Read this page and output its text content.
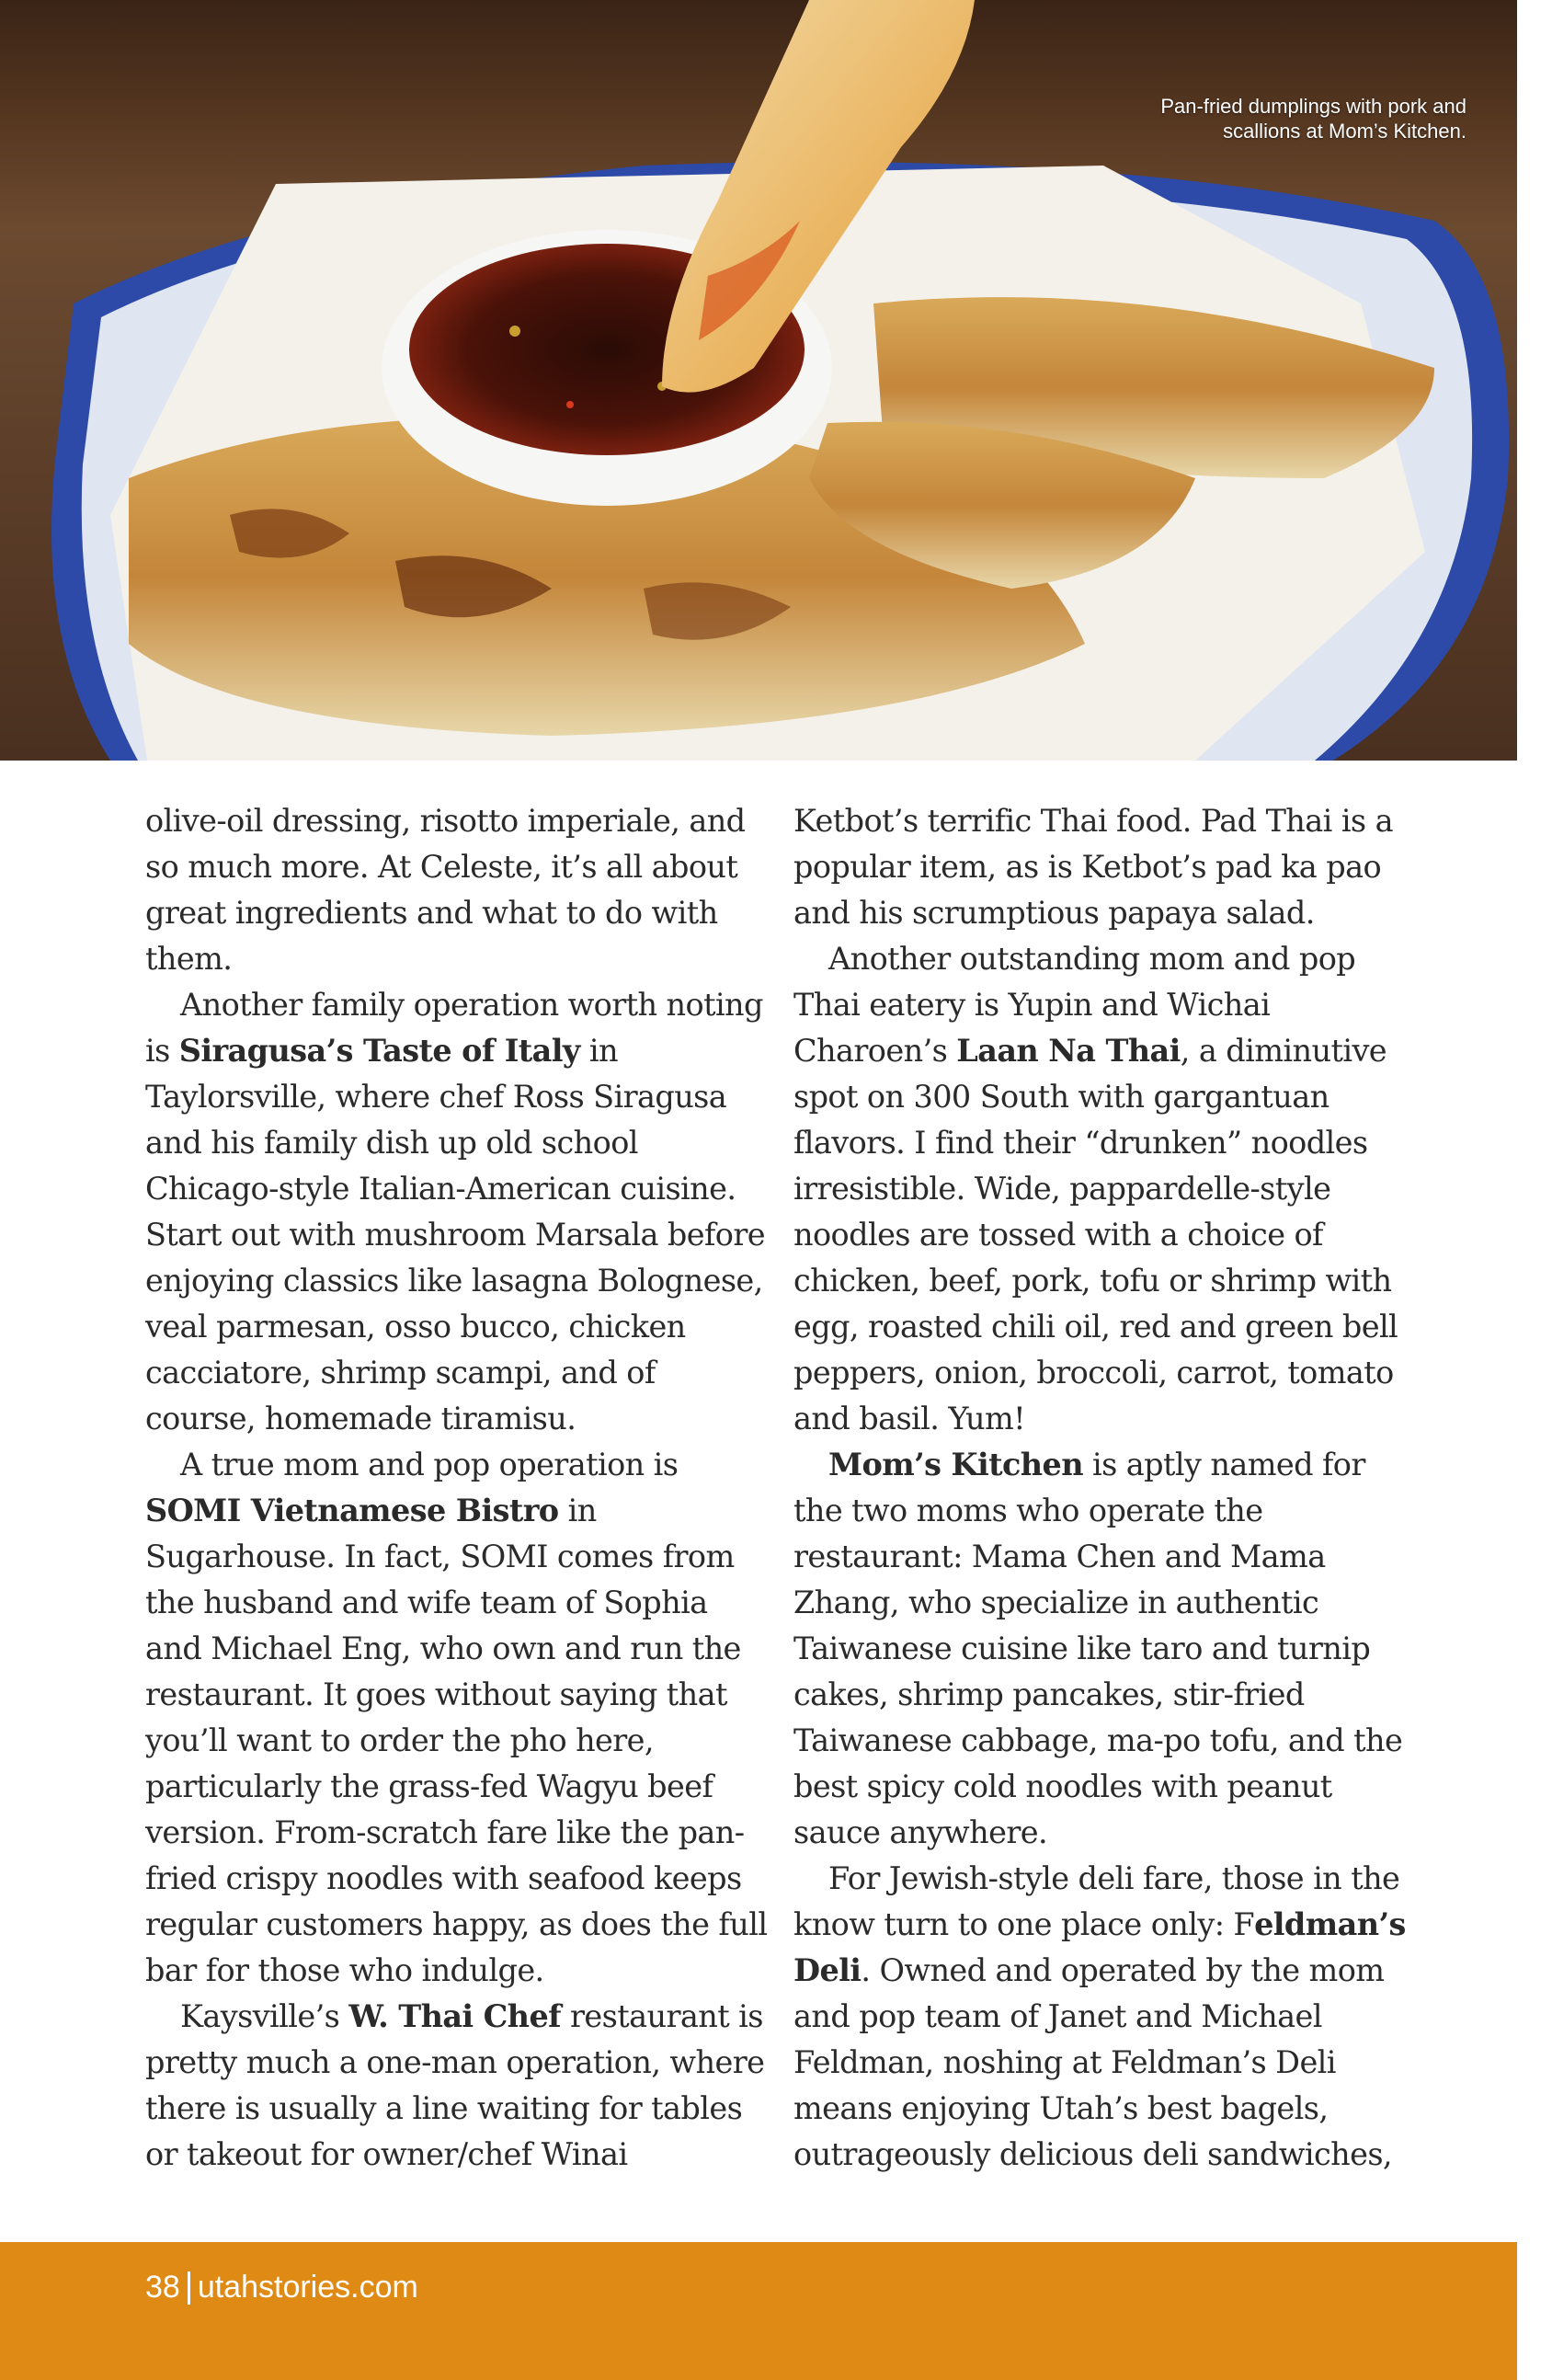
Pan-fried dumplings with pork and scallions at Mom’s Kitchen.

olive-oil dressing, risotto imperiale, and so much more. At Celeste, it’s all about great ingredients and what to do with them.

Another family operation worth noting is Siragusa’s Taste of Italy in Taylorsville, where chef Ross Siragusa and his family dish up old school Chicago-style Italian-American cuisine. Start out with mushroom Marsala before enjoying classics like lasagna Bolognese, veal parmesan, osso bucco, chicken cacciatore, shrimp scampi, and of course, homemade tiramisu.

A true mom and pop operation is SOMI Vietnamese Bistro in Sugarhouse. In fact, SOMI comes from the husband and wife team of Sophia and Michael Eng, who own and run the restaurant. It goes without saying that you’ll want to order the pho here, particularly the grass-fed Wagyu beef version. From-scratch fare like the pan-fried crispy noodles with seafood keeps regular customers happy, as does the full bar for those who indulge.

Kaysville’s W. Thai Chef restaurant is pretty much a one-man operation, where there is usually a line waiting for tables or takeout for owner/chef Winai

Ketbot’s terrific Thai food. Pad Thai is a popular item, as is Ketbot’s pad ka pao and his scrumptious papaya salad.

Another outstanding mom and pop Thai eatery is Yupin and Wichai Charoen’s Laan Na Thai, a diminutive spot on 300 South with gargantuan flavors. I find their “drunken” noodles irresistible. Wide, pappardelle-style noodles are tossed with a choice of chicken, beef, pork, tofu or shrimp with egg, roasted chili oil, red and green bell peppers, onion, broccoli, carrot, tomato and basil. Yum!

Mom’s Kitchen is aptly named for the two moms who operate the restaurant: Mama Chen and Mama Zhang, who specialize in authentic Taiwanese cuisine like taro and turnip cakes, shrimp pancakes, stir-fried Taiwanese cabbage, ma-po tofu, and the best spicy cold noodles with peanut sauce anywhere.

For Jewish-style deli fare, those in the know turn to one place only: Feldman’s Deli. Owned and operated by the mom and pop team of Janet and Michael Feldman, noshing at Feldman’s Deli means enjoying Utah’s best bagels, outrageously delicious deli sandwiches,

38 utahstories.com
